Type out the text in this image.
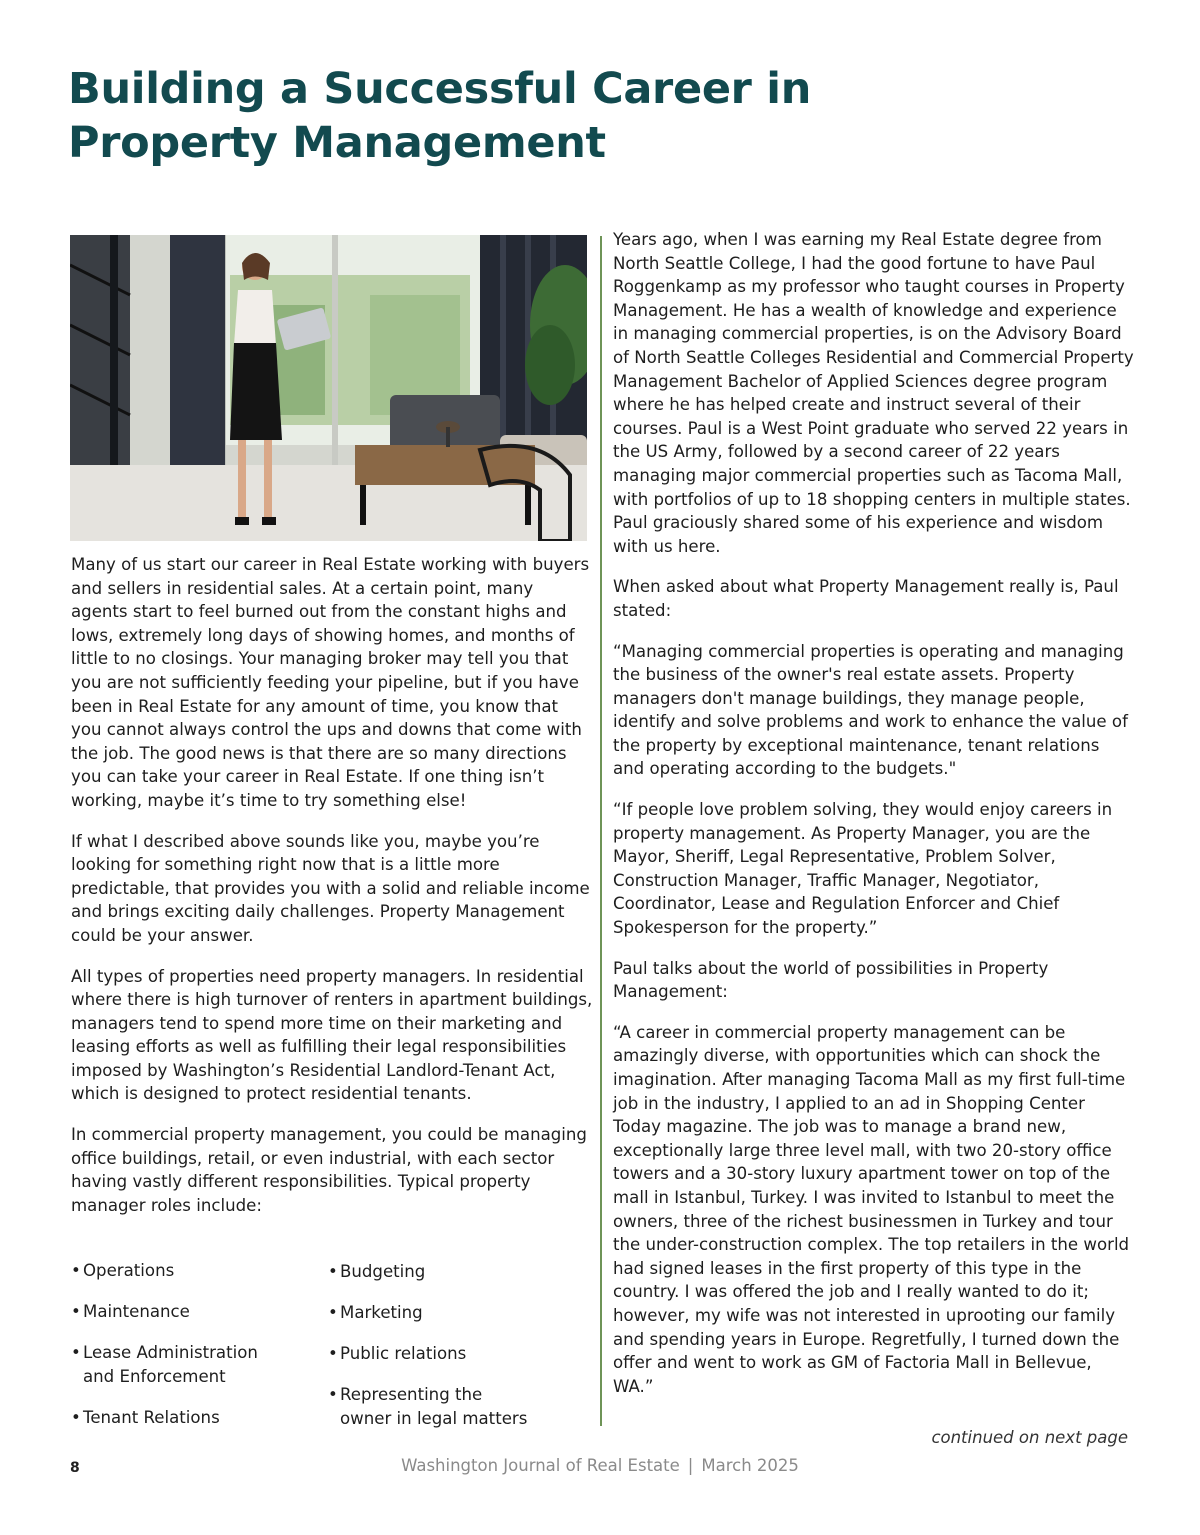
Building a Successful Career in Property Management

Many of us start our career in Real Estate working with buyers and sellers in residential sales. At a certain point, many agents start to feel burned out from the constant highs and lows, extremely long days of showing homes, and months of little to no closings. Your managing broker may tell you that you are not sufficiently feeding your pipeline, but if you have been in Real Estate for any amount of time, you know that you cannot always control the ups and downs that come with the job. The good news is that there are so many directions you can take your career in Real Estate. If one thing isn’t working, maybe it’s time to try something else!

If what I described above sounds like you, maybe you’re looking for something right now that is a little more predictable, that provides you with a solid and reliable income and brings exciting daily challenges. Property Management could be your answer.

All types of properties need property managers. In residential where there is high turnover of renters in apartment buildings, managers tend to spend more time on their marketing and leasing efforts as well as fulfilling their legal responsibilities imposed by Washington’s Residential Landlord-Tenant Act, which is designed to protect residential tenants.

In commercial property management, you could be managing office buildings, retail, or even industrial, with each sector having vastly different responsibilities. Typical property manager roles include:

• Operations
• Maintenance
• Lease Administration and Enforcement
• Tenant Relations
• Budgeting
• Marketing
• Public relations
• Representing the owner in legal matters

Years ago, when I was earning my Real Estate degree from North Seattle College, I had the good fortune to have Paul Roggenkamp as my professor who taught courses in Property Management. He has a wealth of knowledge and experience in managing commercial properties, is on the Advisory Board of North Seattle Colleges Residential and Commercial Property Management Bachelor of Applied Sciences degree program where he has helped create and instruct several of their courses. Paul is a West Point graduate who served 22 years in the US Army, followed by a second career of 22 years managing major commercial properties such as Tacoma Mall, with portfolios of up to 18 shopping centers in multiple states. Paul graciously shared some of his experience and wisdom with us here.

When asked about what Property Management really is, Paul stated:

“Managing commercial properties is operating and managing the business of the owner's real estate assets. Property managers don't manage buildings, they manage people, identify and solve problems and work to enhance the value of the property by exceptional maintenance, tenant relations and operating according to the budgets."

“If people love problem solving, they would enjoy careers in property management. As Property Manager, you are the Mayor, Sheriff, Legal Representative, Problem Solver, Construction Manager, Traffic Manager, Negotiator, Coordinator, Lease and Regulation Enforcer and Chief Spokesperson for the property.”

Paul talks about the world of possibilities in Property Management:

“A career in commercial property management can be amazingly diverse, with opportunities which can shock the imagination. After managing Tacoma Mall as my first full-time job in the industry, I applied to an ad in Shopping Center Today magazine. The job was to manage a brand new, exceptionally large three level mall, with two 20-story office towers and a 30-story luxury apartment tower on top of the mall in Istanbul, Turkey. I was invited to Istanbul to meet the owners, three of the richest businessmen in Turkey and tour the under-construction complex. The top retailers in the world had signed leases in the first property of this type in the country. I was offered the job and I really wanted to do it; however, my wife was not interested in uprooting our family and spending years in Europe. Regretfully, I turned down the offer and went to work as GM of Factoria Mall in Bellevue, WA.”

continued on next page
8	Washington Journal of Real Estate | March 2025
